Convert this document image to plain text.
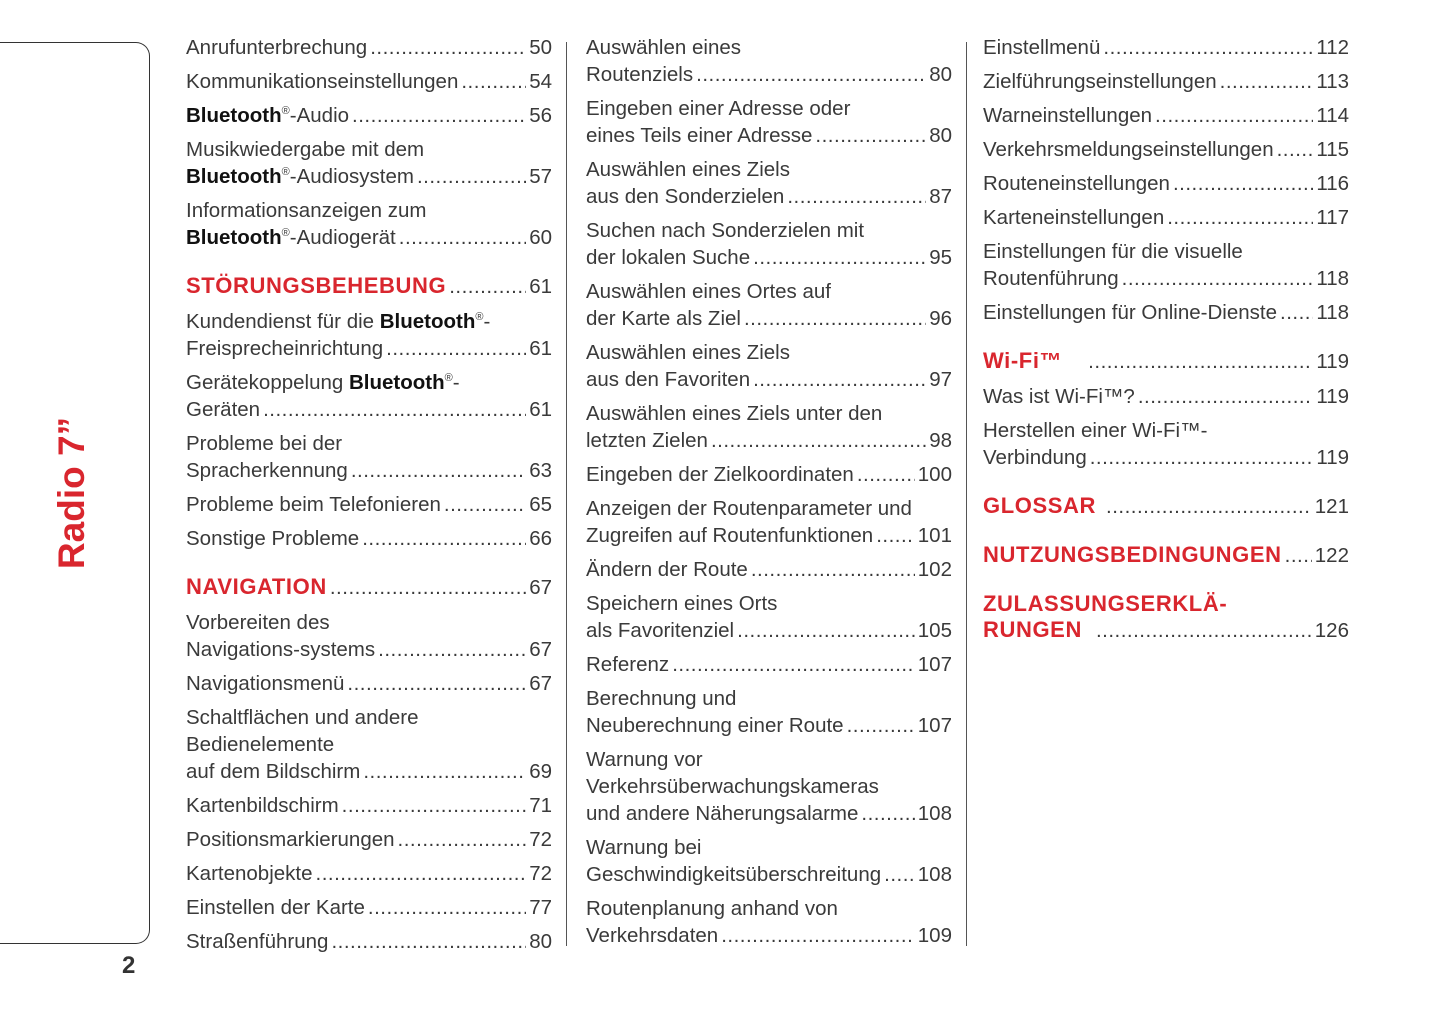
Radio 7”
2
Anrufunterbrechung .....	50
Kommunikationseinstellungen .....	54
Bluetooth®-Audio .....	56
Musikwiedergabe mit dem
Bluetooth®-Audiosystem .....	57
Informationsanzeigen zum
Bluetooth®-Audiogerät .....	60
STÖRUNGSBEHEBUNG .....	61
Kundendienst für die Bluetooth®-
Freisprecheinrichtung .....	61
Gerätekoppelung Bluetooth®-
Geräten .....	61
Probleme bei der
Spracherkennung .....	63
Probleme beim Telefonieren .....	65
Sonstige Probleme .....	66
NAVIGATION .....	67
Vorbereiten des
Navigations-systems .....	67
Navigationsmenü .....	67
Schaltflächen und andere
Bedienelemente
auf dem Bildschirm .....	69
Kartenbildschirm .....	71
Positionsmarkierungen .....	72
Kartenobjekte .....	72
Einstellen der Karte .....	77
Straßenführung .....	80
Auswählen eines
Routenziels .....	80
Eingeben einer Adresse oder
eines Teils einer Adresse .....	80
Auswählen eines Ziels
aus den Sonderzielen .....	87
Suchen nach Sonderzielen mit
der lokalen Suche .....	95
Auswählen eines Ortes auf
der Karte als Ziel .....	96
Auswählen eines Ziels
aus den Favoriten .....	97
Auswählen eines Ziels unter den
letzten Zielen .....	98
Eingeben der Zielkoordinaten .....	100
Anzeigen der Routenparameter und
Zugreifen auf Routenfunktionen ..... 101
Ändern der Route .....	102
Speichern eines Orts
als Favoritenziel .....	105
Referenz .....	107
Berechnung und
Neuberechnung einer Route .....	107
Warnung vor
Verkehrsüberwachungskameras
und andere Näherungsalarme .....	108
Warnung bei
Geschwindigkeitsüberschreitung ..... 108
Routenplanung anhand von
Verkehrsdaten .....	109
Einstellmenü .....	112
Zielführungseinstellungen .....	113
Warneinstellungen .....	114
Verkehrsmeldungseinstellungen ..... 115
Routeneinstellungen .....	116
Karteneinstellungen .....	117
Einstellungen für die visuelle
Routenführung .....	118
Einstellungen für Online-Dienste ..... 118
Wi-Fi™ .....	119
Was ist Wi-Fi™? .....	119
Herstellen einer Wi-Fi™-
Verbindung .....	119
GLOSSAR .....	121
NUTZUNGSBEDINGUNGEN ..... 122
ZULASSUNGSERKLÄ-
RUNGEN .....	126
